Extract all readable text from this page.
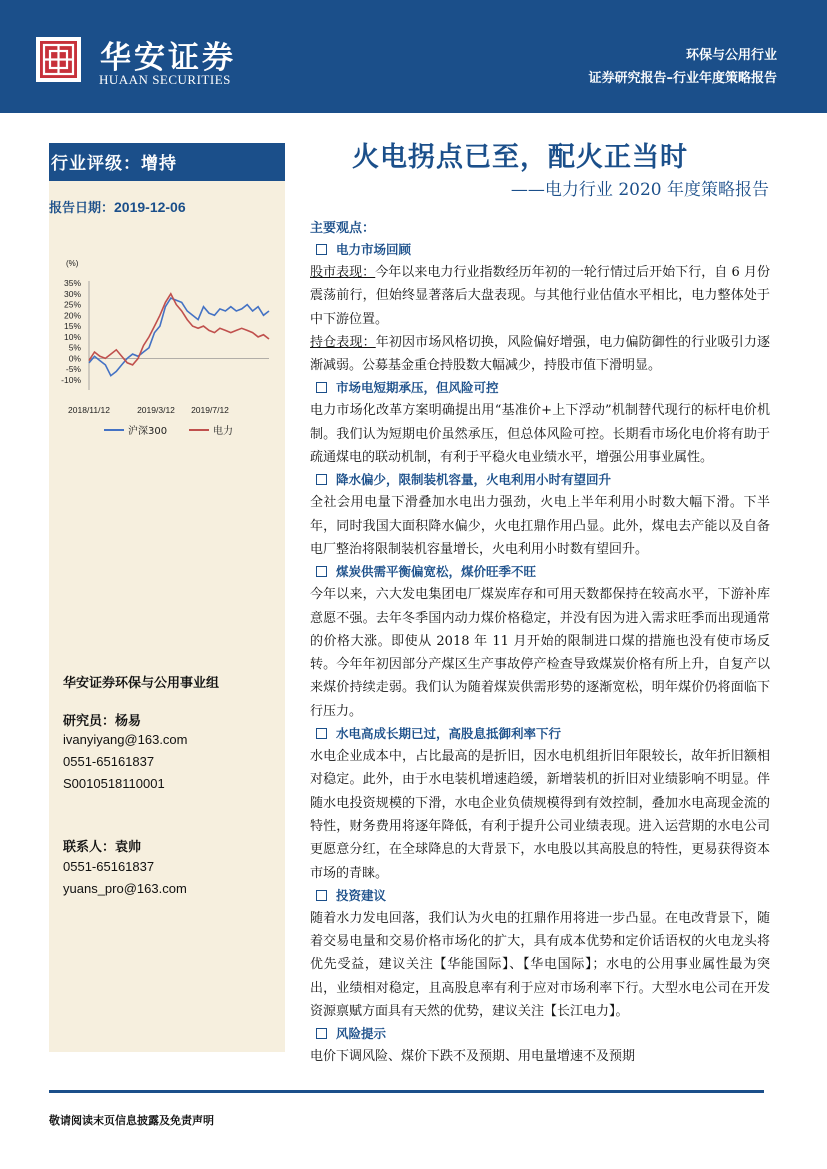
华安证券
HUAAN SECURITIES
环保与公用行业
证券研究报告–行业年度策略报告
行业评级：增持
报告日期：2019-12-06
(%)
35%
30%
25%
20%
15%
10%
5%
0%
-5%
-10%
2018/11/12	2019/3/12 2019/7/12
沪深300	电力
华安证券环保与公用事业组
研究员：杨易
ivanyiyang@163.com
0551-65161837
S0010518110001
联系人：袁帅
0551-65161837
yuans_pro@163.com
火电拐点已至，配火正当时
——电力行业 2020 年度策略报告
主要观点：
电力市场回顾
股市表现：今年以来电力行业指数经历年初的一轮行情过后开始下行，自 6 月份震荡前行，但始终显著落后大盘表现。与其他行业估值水平相比，电力整体处于中下游位置。
持仓表现：年初因市场风格切换，风险偏好增强，电力偏防御性的行业吸引力逐渐减弱。公募基金重仓持股数大幅减少，持股市值下滑明显。
市场电短期承压，但风险可控
电力市场化改革方案明确提出用“基准价+上下浮动”机制替代现行的标杆电价机制。我们认为短期电价虽然承压，但总体风险可控。长期看市场化电价将有助于疏通煤电的联动机制，有利于平稳火电业绩水平，增强公用事业属性。
降水偏少，限制装机容量，火电利用小时有望回升
全社会用电量下滑叠加水电出力强劲，火电上半年利用小时数大幅下滑。下半年，同时我国大面积降水偏少，火电扛鼎作用凸显。此外，煤电去产能以及自备电厂整治将限制装机容量增长，火电利用小时数有望回升。
煤炭供需平衡偏宽松，煤价旺季不旺
今年以来，六大发电集团电厂煤炭库存和可用天数都保持在较高水平，下游补库意愿不强。去年冬季国内动力煤价格稳定，并没有因为进入需求旺季而出现通常的价格大涨。即使从 2018 年 11 月开始的限制进口煤的措施也没有使市场反转。今年年初因部分产煤区生产事故停产检查导致煤炭价格有所上升，自复产以来煤价持续走弱。我们认为随着煤炭供需形势的逐渐宽松，明年煤价仍将面临下行压力。
水电高成长期已过，高股息抵御利率下行
水电企业成本中，占比最高的是折旧，因水电机组折旧年限较长，故年折旧额相对稳定。此外，由于水电装机增速趋缓，新增装机的折旧对业绩影响不明显。伴随水电投资规模的下滑，水电企业负债规模得到有效控制，叠加水电高现金流的特性，财务费用将逐年降低，有利于提升公司业绩表现。进入运营期的水电公司更愿意分红，在全球降息的大背景下，水电股以其高股息的特性，更易获得资本市场的青睐。
投资建议
随着水力发电回落，我们认为火电的扛鼎作用将进一步凸显。在电改背景下，随着交易电量和交易价格市场化的扩大，具有成本优势和定价话语权的火电龙头将优先受益，建议关注【华能国际】、【华电国际】；水电的公用事业属性最为突出，业绩相对稳定，且高股息率有利于应对市场利率下行。大型水电公司在开发资源禀赋方面具有天然的优势，建议关注【长江电力】。
风险提示
电价下调风险、煤价下跌不及预期、用电量增速不及预期
敬请阅读末页信息披露及免责声明
